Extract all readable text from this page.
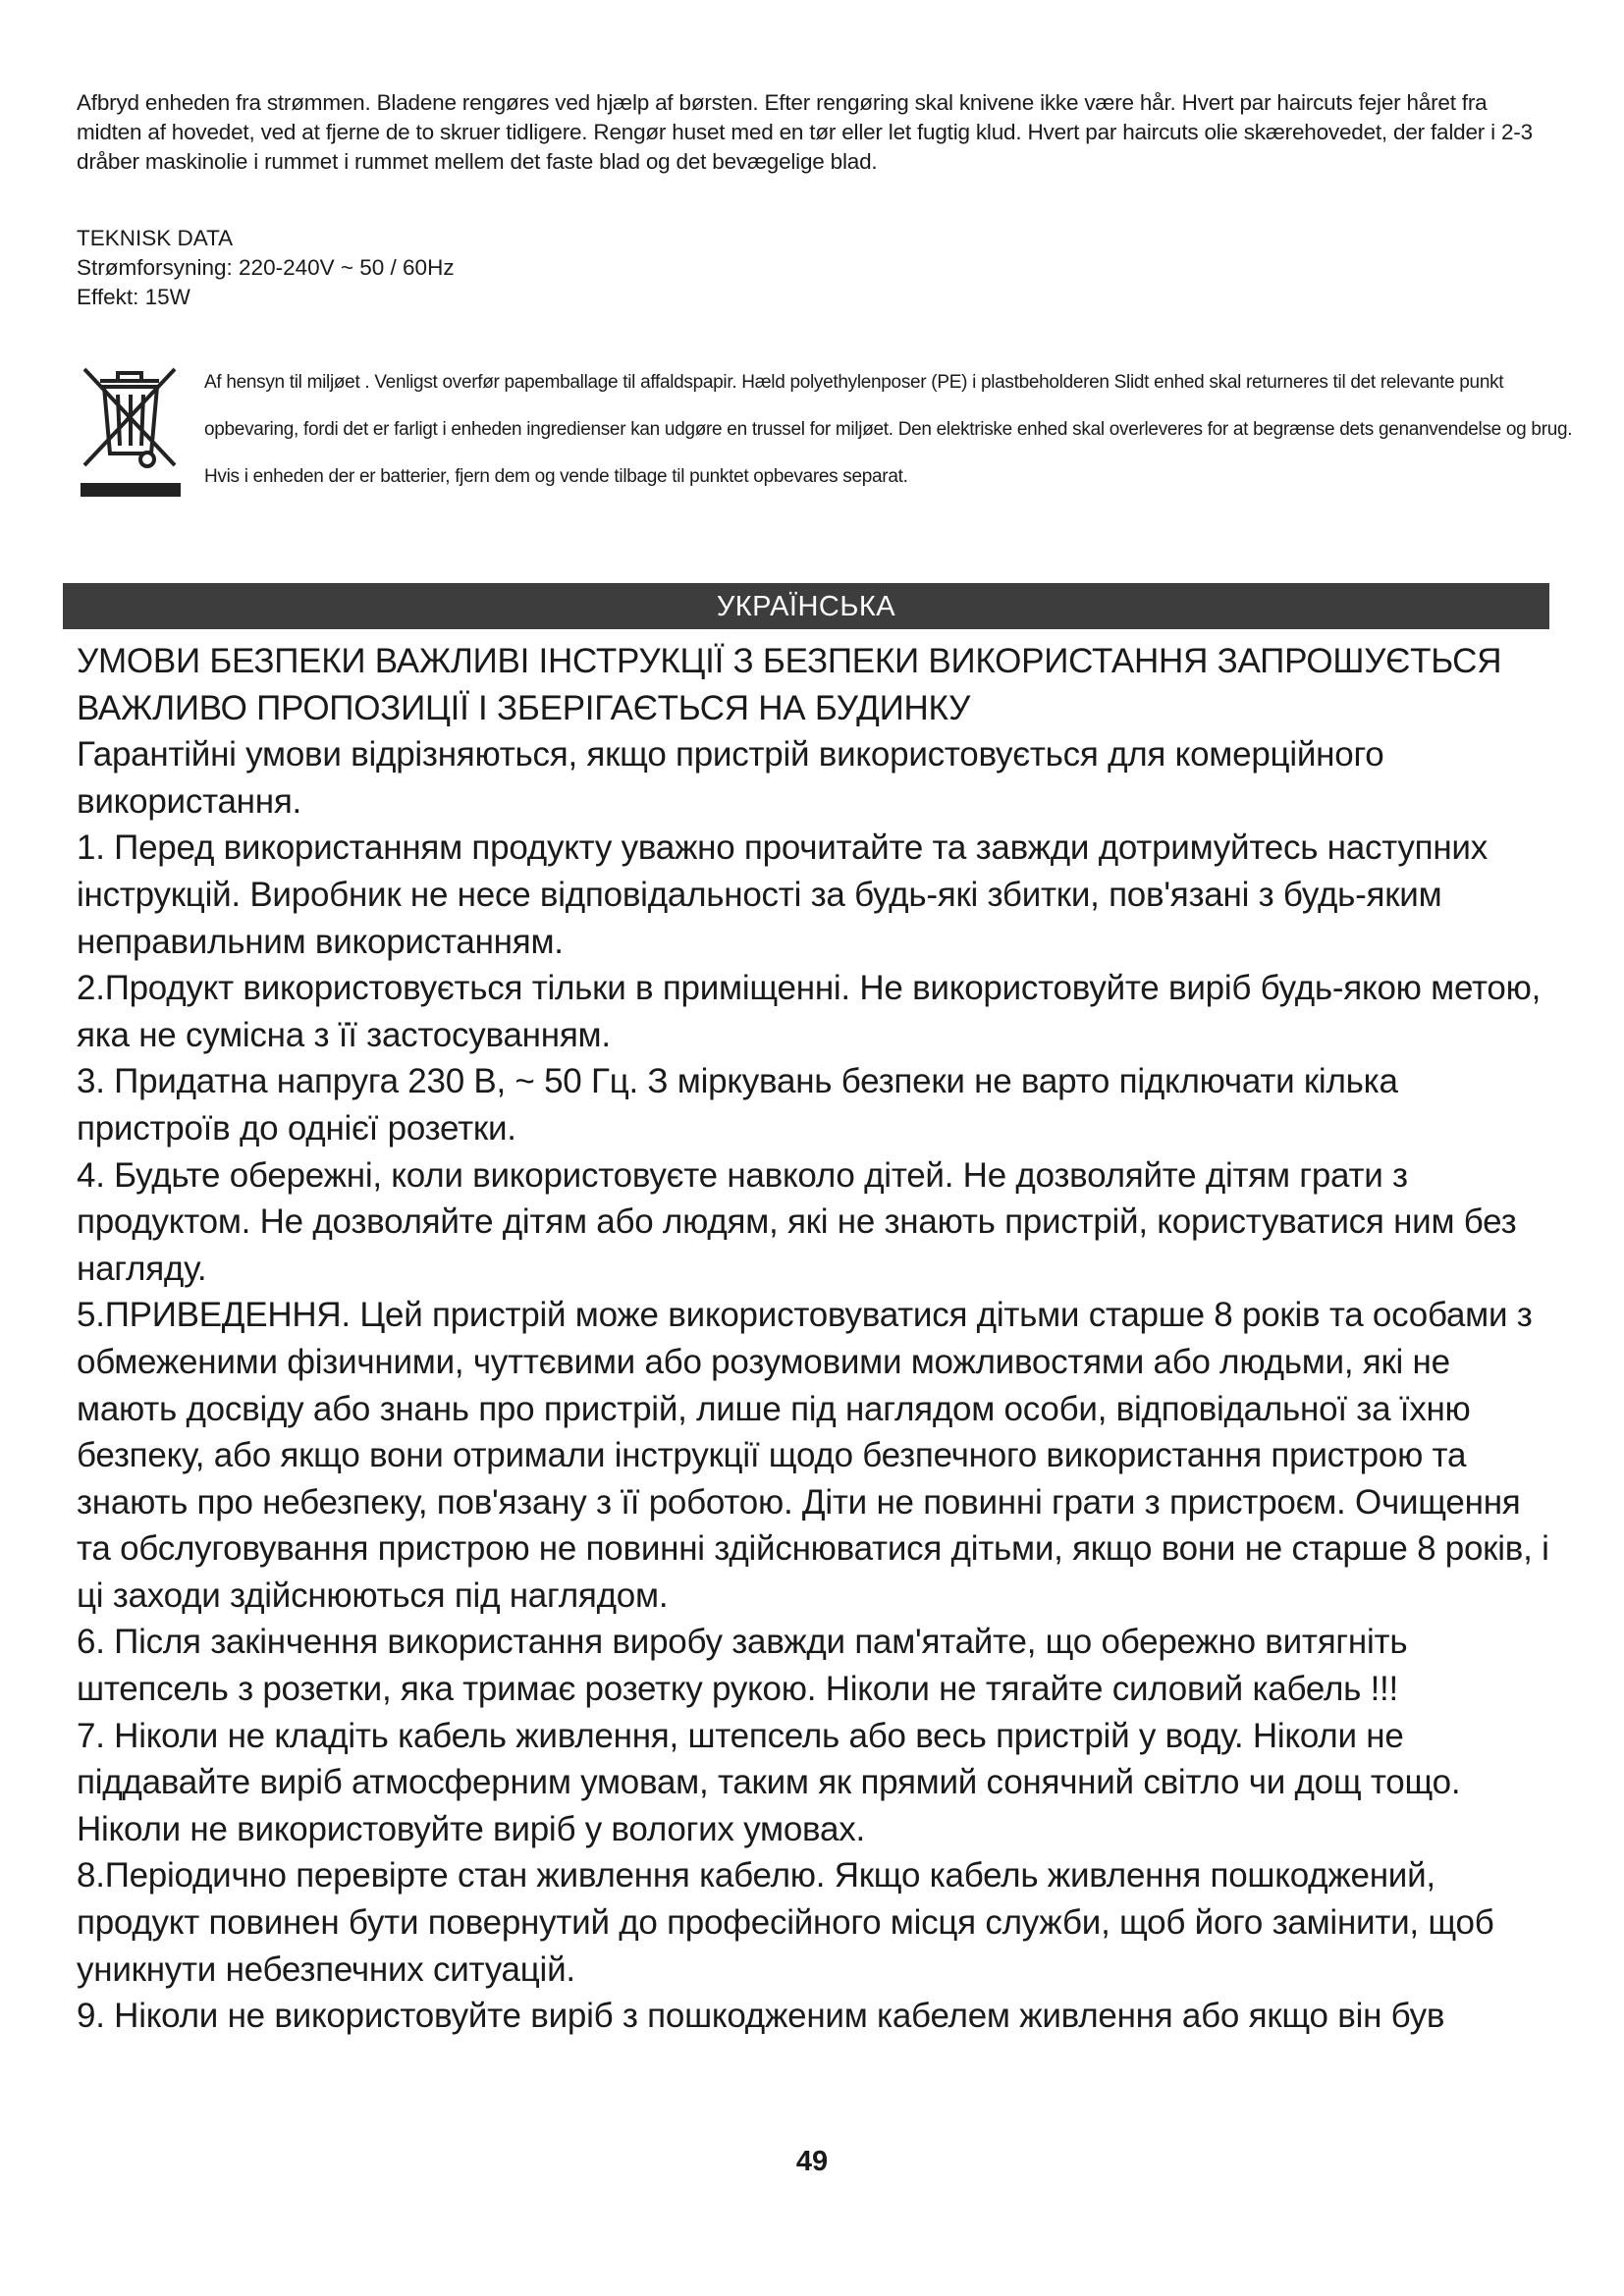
Afbryd enheden fra strømmen. Bladene rengøres ved hjælp af børsten. Efter rengøring skal knivene ikke være hår. Hvert par haircuts fejer håret fra midten af hovedet, ved at fjerne de to skruer tidligere. Rengør huset med en tør eller let fugtig klud. Hvert par haircuts olie skærehovedet, der falder i 2-3 dråber maskinolie i rummet i rummet mellem det faste blad og det bevægelige blad.

TEKNISK DATA
Strømforsyning: 220-240V ~ 50 / 60Hz
Effekt: 15W
Af hensyn til miljøet . Venligst overfør papemballage til affaldspapir. Hæld polyethylenposer (PE) i plastbeholderen Slidt enhed skal returneres til det relevante punkt opbevaring, fordi det er farligt i enheden ingredienser kan udgøre en trussel for miljøet. Den elektriske enhed skal overleveres for at begrænse dets genanvendelse og brug. Hvis i enheden der er batterier, fjern dem og vende tilbage til punktet opbevares separat.
УКРАЇНСЬКА

УМОВИ БЕЗПЕКИ ВАЖЛИВІ ІНСТРУКЦІЇ З БЕЗПЕКИ ВИКОРИСТАННЯ ЗАПРОШУЄТЬСЯ ВАЖЛИВО ПРОПОЗИЦІЇ І ЗБЕРІГАЄТЬСЯ НА БУДИНКУ

Гарантійні умови відрізняються, якщо пристрій використовується для комерційного використання.

1. Перед використанням продукту уважно прочитайте та завжди дотримуйтесь наступних інструкцій. Виробник не несе відповідальності за будь-які збитки, пов'язані з будь-яким неправильним використанням.

2.Продукт використовується тільки в приміщенні. Не використовуйте виріб будь-якою метою, яка не сумісна з її застосуванням.

3. Придатна напруга 230 В, ~ 50 Гц. З міркувань безпеки не варто підключати кілька пристроїв до однієї розетки.

4. Будьте обережні, коли використовуєте навколо дітей. Не дозволяйте дітям грати з продуктом. Не дозволяйте дітям або людям, які не знають пристрій, користуватися ним без нагляду.

5.ПРИВЕДЕННЯ. Цей пристрій може використовуватися дітьми старше 8 років та особами з обмеженими фізичними, чуттєвими або розумовими можливостями або людьми, які не мають досвіду або знань про пристрій, лише під наглядом особи, відповідальної за їхню безпеку, або якщо вони отримали інструкції щодо безпечного використання пристрою та знають про небезпеку, пов'язану з її роботою. Діти не повинні грати з пристроєм. Очищення та обслуговування пристрою не повинні здійснюватися дітьми, якщо вони не старше 8 років, і ці заходи здійснюються під наглядом.

6. Після закінчення використання виробу завжди пам'ятайте, що обережно витягніть штепсель з розетки, яка тримає розетку рукою. Ніколи не тягайте силовий кабель !!!

7. Ніколи не кладіть кабель живлення, штепсель або весь пристрій у воду. Ніколи не піддавайте виріб атмосферним умовам, таким як прямий сонячний світло чи дощ тощо. Ніколи не використовуйте виріб у вологих умовах.

8.Періодично перевірте стан живлення кабелю. Якщо кабель живлення пошкоджений, продукт повинен бути повернутий до професійного місця служби, щоб його замінити, щоб уникнути небезпечних ситуацій.

9. Ніколи не використовуйте виріб з пошкодженим кабелем живлення або якщо він був

49
